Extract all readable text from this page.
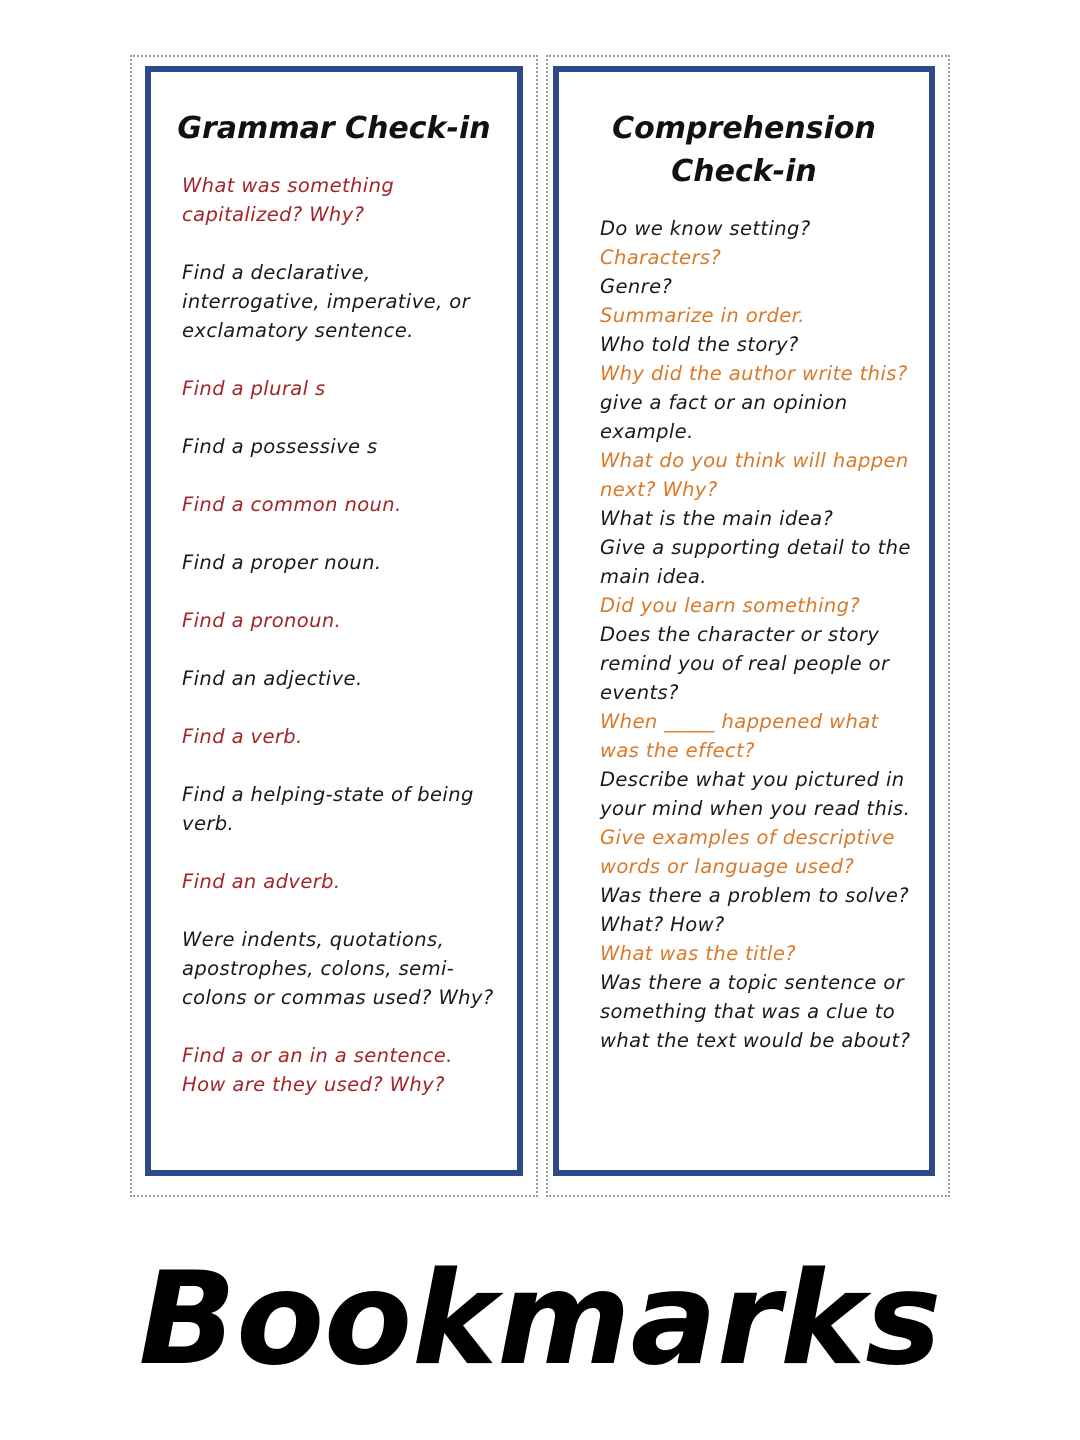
Grammar Check-in

What was something capitalized? Why?

Find a declarative, interrogative, imperative, or exclamatory sentence.

Find a plural s

Find a possessive s

Find a common noun.

Find a proper noun.

Find a pronoun.

Find an adjective.

Find a verb.

Find a helping-state of being verb.

Find an adverb.

Were indents, quotations, apostrophes, colons, semi-colons or commas used? Why?

Find a or an in a sentence. How are they used? Why?

Comprehension
Check-in

Do we know setting?

Characters?

Genre?

Summarize in order.

Who told the story?

Why did the author write this?

give a fact or an opinion example.

What do you think will happen next? Why?

What is the main idea?

Give a supporting detail to the main idea.

Did you learn something?

Does the character or story remind you of real people or events?

When _____ happened what was the effect?

Describe what you pictured in your mind when you read this.

Give examples of descriptive words or language used?

Was there a problem to solve? What? How?

What was the title?

Was there a topic sentence or something that was a clue to what the text would be about?

Bookmarks
